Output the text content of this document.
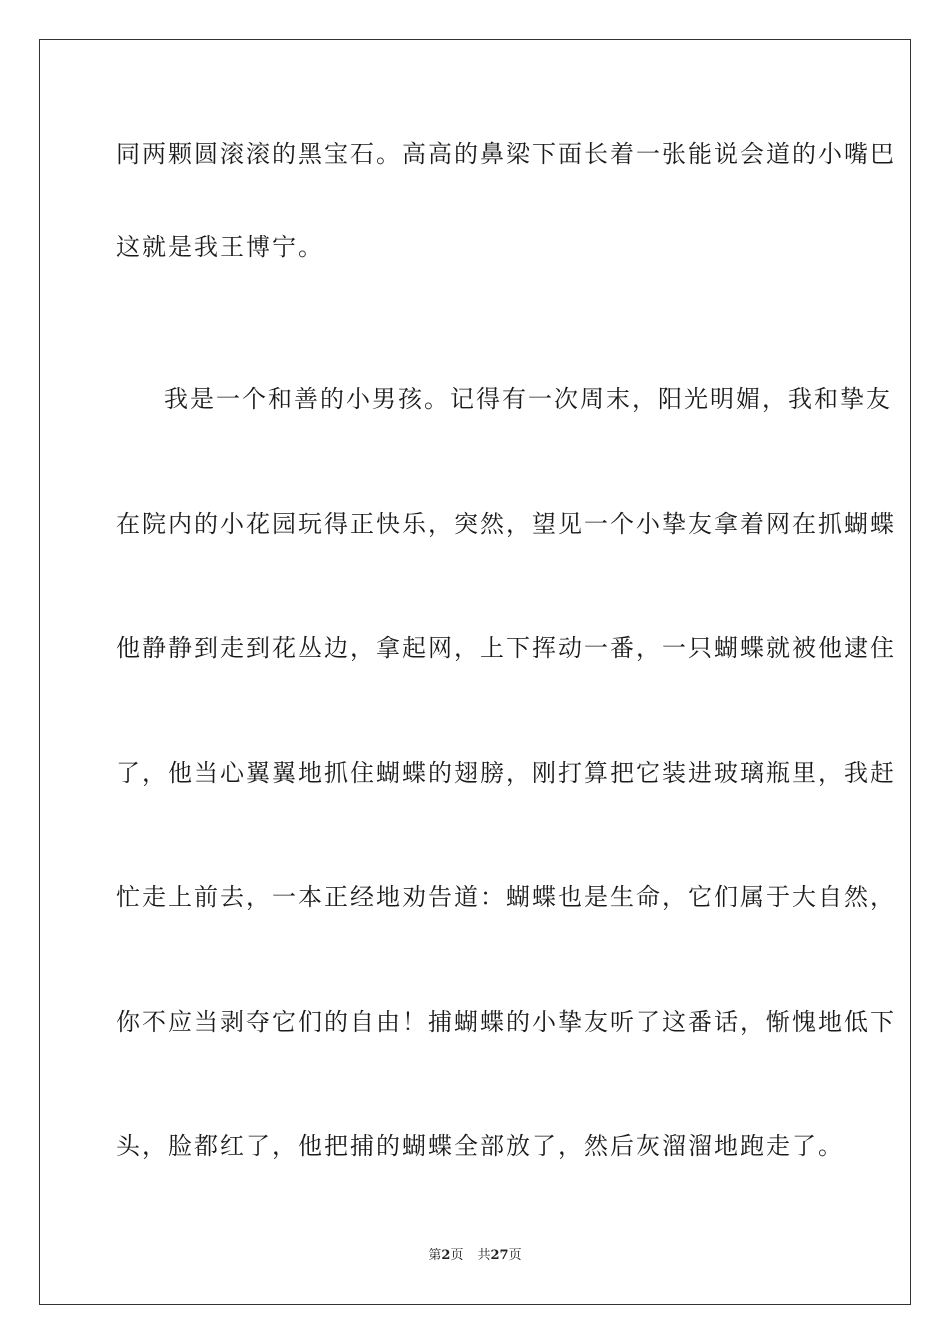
同两颗圆滚滚的黑宝石。高高的鼻梁下面长着一张能说会道的小嘴巴
这就是我王博宁。
我是一个和善的小男孩。记得有一次周末，阳光明媚，我和挚友
在院内的小花园玩得正快乐，突然，望见一个小挚友拿着网在抓蝴蝶
他静静到走到花丛边，拿起网，上下挥动一番，一只蝴蝶就被他逮住
了，他当心翼翼地抓住蝴蝶的翅膀，刚打算把它装进玻璃瓶里，我赶
忙走上前去，一本正经地劝告道：蝴蝶也是生命，它们属于大自然，
你不应当剥夺它们的自由！捕蝴蝶的小挚友听了这番话，惭愧地低下
头，脸都红了，他把捕的蝴蝶全部放了，然后灰溜溜地跑走了。
第2页 共27页
